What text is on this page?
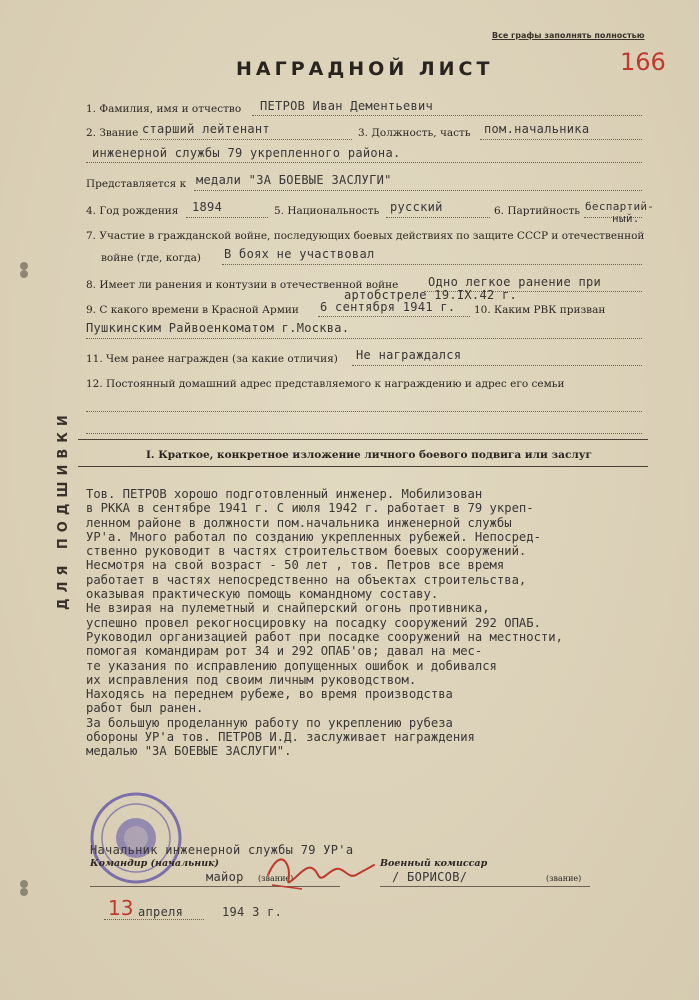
ДЛЯ ПОДШИВКИ
Все графы заполнять полностью
166
НАГРАДНОЙ ЛИСТ
1. Фамилия, имя и отчество ПЕТРОВ Иван Дементьевич
2. Звание старший лейтенант	3. Должность, часть пом.начальника
инженерной службы 79 укрепленного района.
Представляется к медали "ЗА БОЕВЫЕ ЗАСЛУГИ"
4. Год рождения 1894	5. Национальность русский	6. Партийность беспартий-
ный.
7. Участие в гражданской войне, последующих боевых действиях по защите СССР и отечественной
войне (где, когда) В боях не участвовал
8. Имеет ли ранения и контузии в отечественной войне Одно легкое ранение при
артобстреле 19.IX.42 г.
9. С какого времени в Красной Армии 6 сентября 1941 г. 10. Каким РВК призван
Пушкинским Райвоенкоматом г.Москва.
11. Чем ранее награжден (за какие отличия) Не награждался
12. Постоянный домашний адрес представляемого к награждению и адрес его семьи
I. Краткое, конкретное изложение личного боевого подвига или заслуг
Тов. ПЕТРОВ хорошо подготовленный инженер. Мобилизован
в РККА в сентябре 1941 г. С июля 1942 г. работает в 79 укреп-
ленном районе в должности пом.начальника инженерной службы
УР'а. Много работал по созданию укрепленных рубежей. Непосред-
ственно руководит в частях строительством боевых сооружений.
Несмотря на свой возраст - 50 лет , тов. Петров все время
работает в частях непосредственно на объектах строительства,
оказывая практическую помощь командному составу.
Не взирая на пулеметный и снайперский огонь противника,
успешно провел рекогносцировку на посадку сооружений 292 ОПАБ.
Руководил организацией работ при посадке сооружений на местности,
помогая командирам рот 34 и 292 ОПАБ'ов; давал на мес-
те указания по исправлению допущенных ошибок и добивался
их исправления под своим личным руководством.
Находясь на переднем рубеже, во время производства
работ был ранен.
За большую проделанную работу по укреплению рубеза
обороны УР'а тов. ПЕТРОВ И.Д. заслуживает награждения
медалью "ЗА БОЕВЫЕ ЗАСЛУГИ".
Начальник инженерной службы 79 УР'а
Командир (начальник)	Военный комиссар
майор (звание)	/ БОРИСОВ/	(звание)
13 апреля	194 3 г.
